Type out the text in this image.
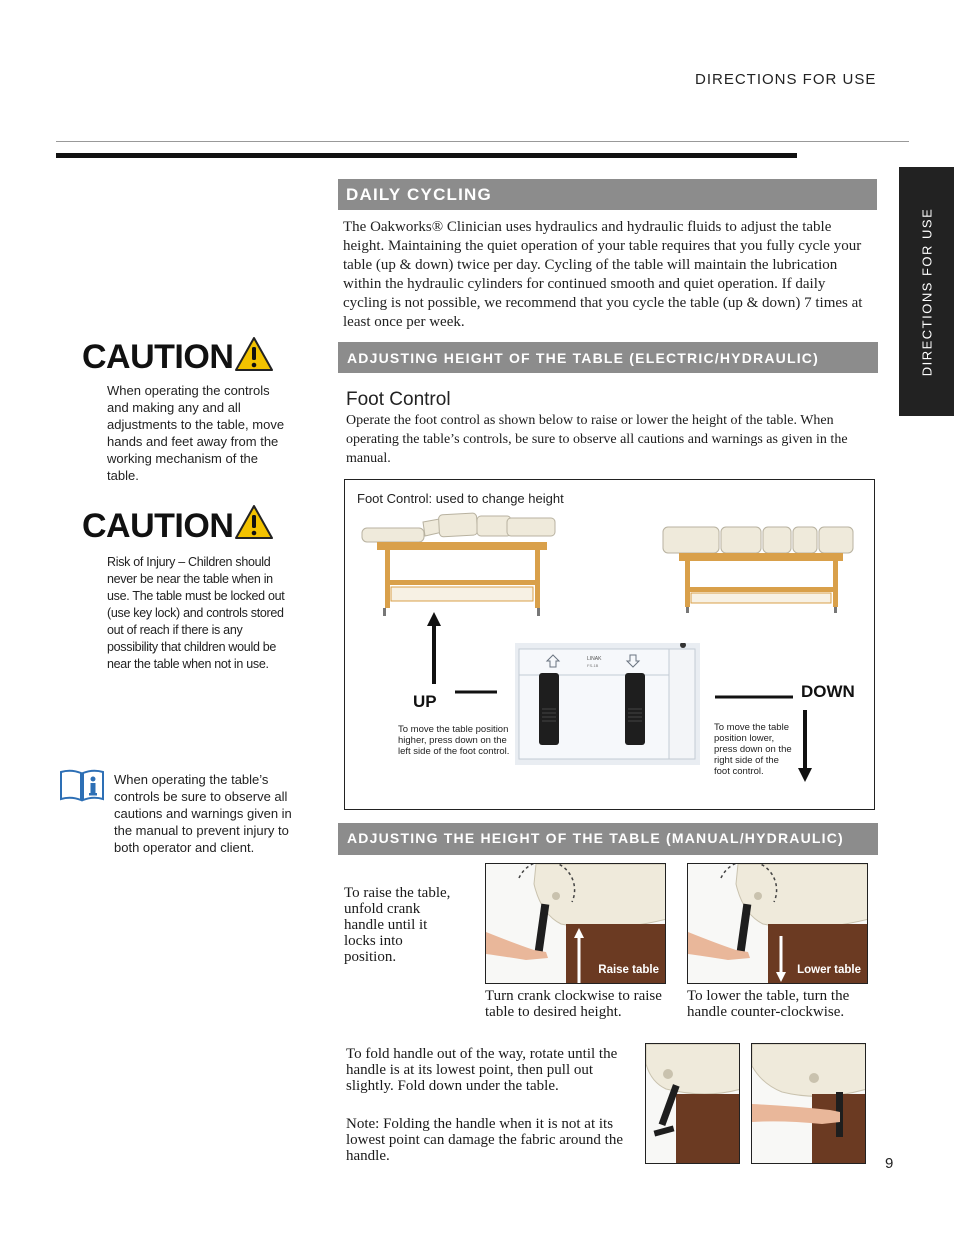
DIRECTIONS FOR USE
DIRECTIONS FOR USE
DAILY CYCLING
The Oakworks® Clinician uses hydraulics and hydraulic fluids to adjust the table height. Maintaining the quiet operation of your table requires that you fully cycle your table (up & down) twice per day. Cycling of the table will maintain the lubrication within the hydraulic cylinders for continued smooth and quiet operation. If daily cycling is not possible, we recommend that you cycle the table (up & down) 7 times at least once per week.
CAUTION
When operating the controls and making any and all adjustments to the table, move hands and feet away from the working mechanism of the table.
CAUTION
Risk of Injury – Children should never be near the table when in use. The table must be locked out (use key lock) and controls stored out of reach if there is any possibility that children would be near the table when not in use.
When operating the table’s controls be sure to observe all cautions and warnings given in the manual to prevent injury to both operator and client.
ADJUSTING HEIGHT OF THE TABLE (ELECTRIC/HYDRAULIC)
Foot Control
Operate the foot control as shown below to raise or lower the height of the table. When operating the table’s controls, be sure to observe all cautions and warnings as given in the manual.
Foot Control: used to change height
LINAK
FS-1B
UP
To move the table position higher, press down on the left side of the foot control.
DOWN
To move the table position lower, press down on the right side of the foot control.
ADJUSTING THE HEIGHT OF THE TABLE (MANUAL/HYDRAULIC)
To raise the table, unfold crank handle until it locks into position.
Raise table	Lower table
Turn crank clockwise to raise table to desired height.
To lower the table, turn the handle counter-clockwise.
To fold handle out of the way, rotate until the handle is at its lowest point, then pull out slightly. Fold down under the table.
Note: Folding the handle when it is not at its lowest point can damage the fabric around the handle.	9
